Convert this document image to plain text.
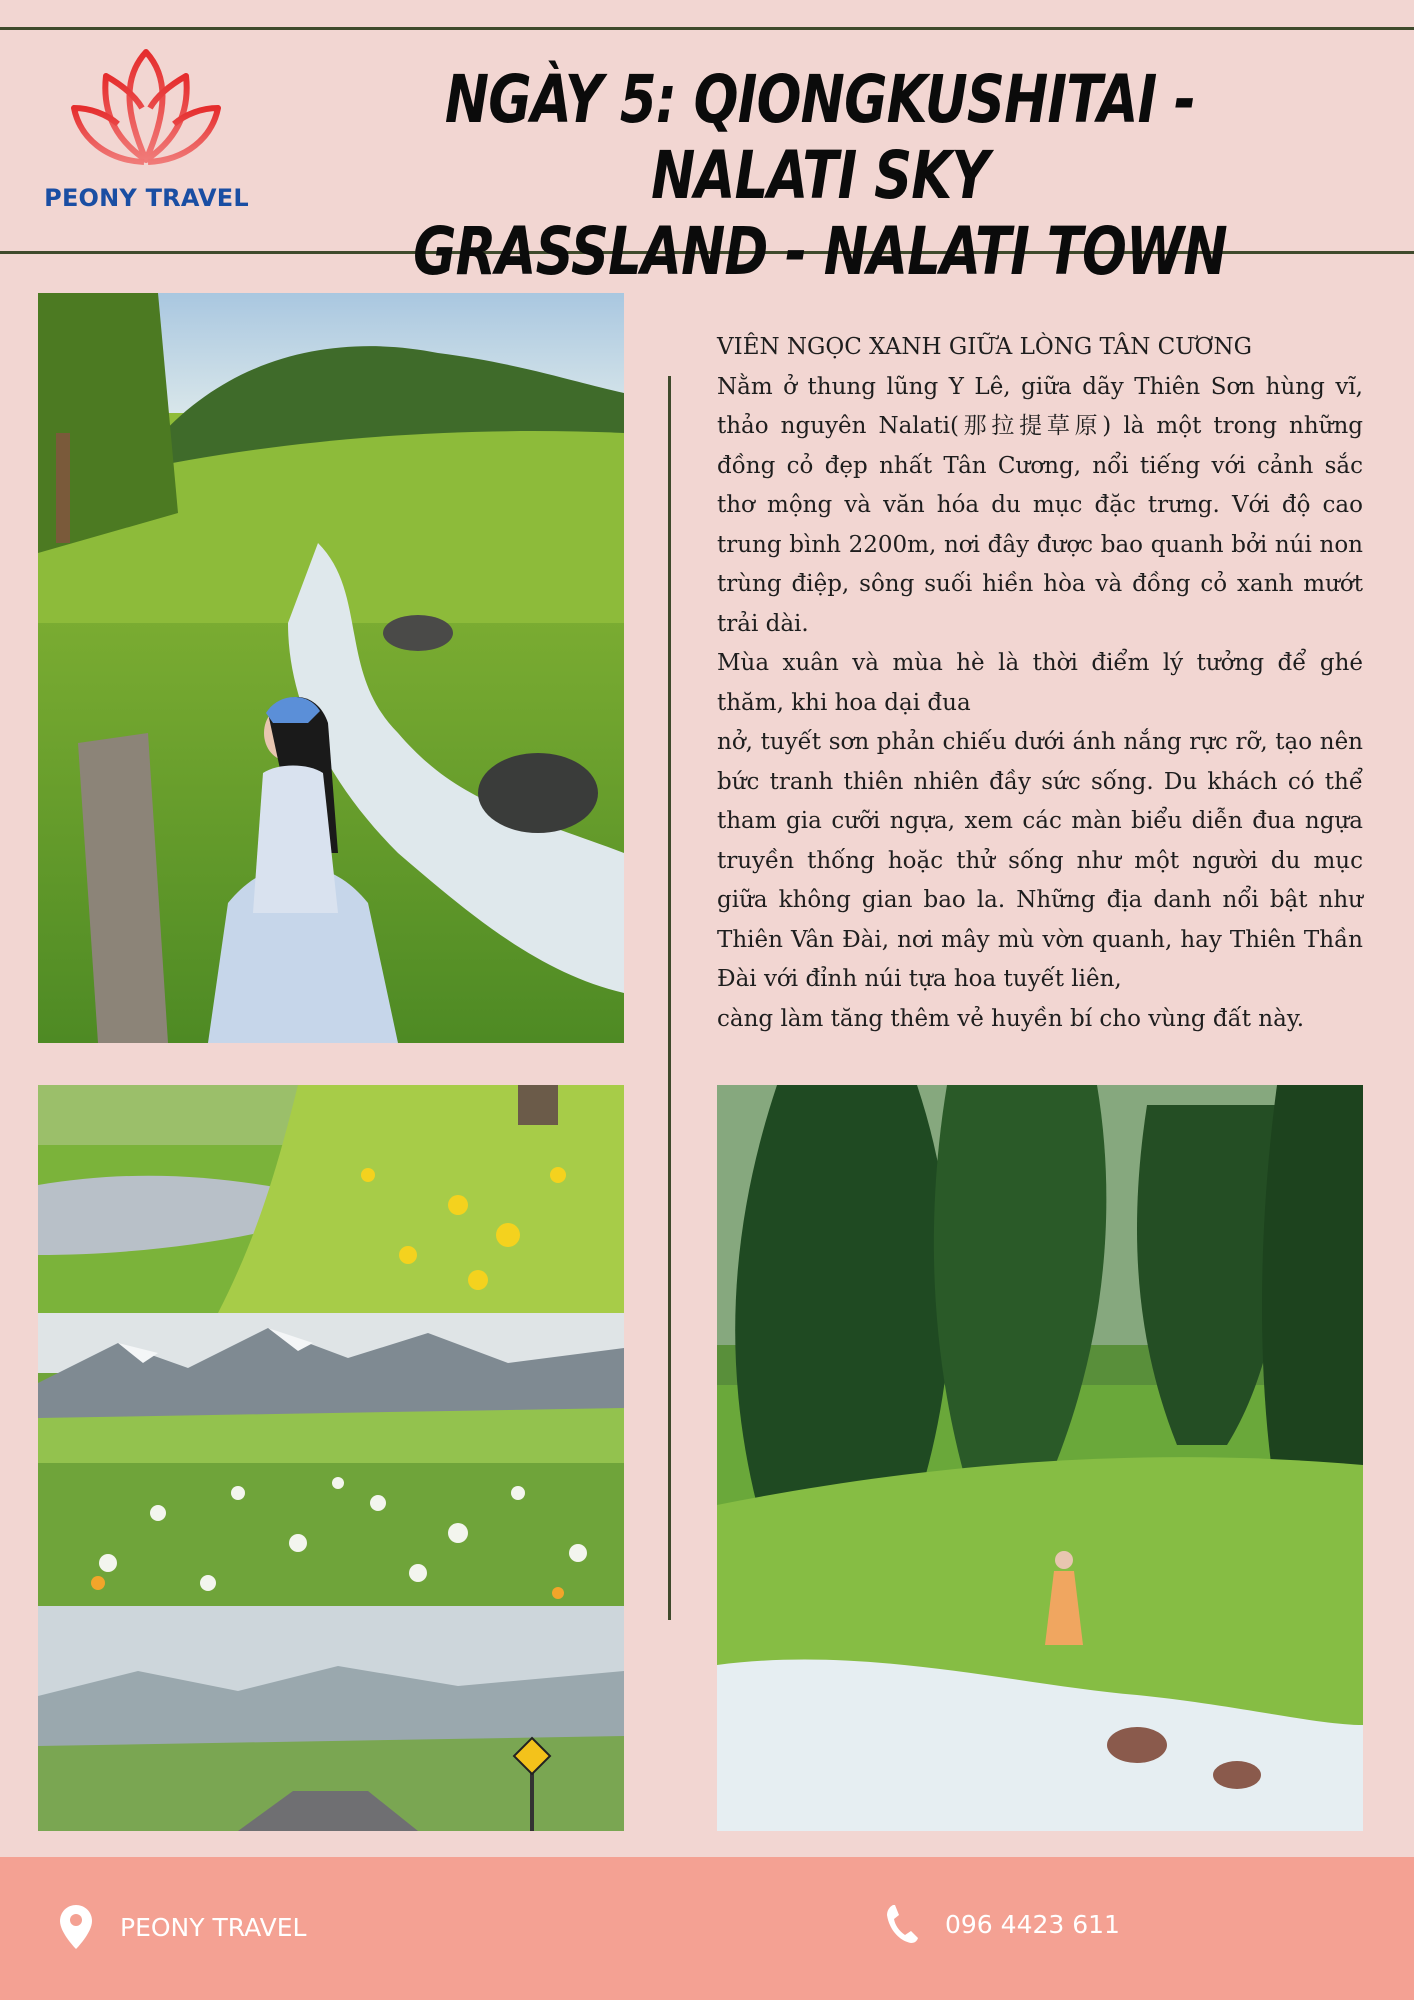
PEONY TRAVEL
NGÀY 5: QIONGKUSHITAI - NALATI SKY
GRASSLAND - NALATI TOWN

VIÊN NGỌC XANH GIỮA LÒNG TÂN CƯƠNG

Nằm ở thung lũng Y Lê, giữa dãy Thiên Sơn hùng vĩ, thảo nguyên Nalati(那拉提草原) là một trong những đồng cỏ đẹp nhất Tân Cương, nổi tiếng với cảnh sắc thơ mộng và văn hóa du mục đặc trưng. Với độ cao trung bình 2200m, nơi đây được bao quanh bởi núi non trùng điệp, sông suối hiền hòa và đồng cỏ xanh mướt trải dài.

Mùa xuân và mùa hè là thời điểm lý tưởng để ghé thăm, khi hoa dại đua

nở, tuyết sơn phản chiếu dưới ánh nắng rực rỡ, tạo nên bức tranh thiên nhiên đầy sức sống. Du khách có thể tham gia cưỡi ngựa, xem các màn biểu diễn đua ngựa truyền thống hoặc thử sống như một người du mục giữa không gian bao la. Những địa danh nổi bật như Thiên Vân Đài, nơi mây mù vờn quanh, hay Thiên Thần Đài với đỉnh núi tựa hoa tuyết liên,

càng làm tăng thêm vẻ huyền bí cho vùng đất này.

PEONY TRAVEL	096 4423 611
